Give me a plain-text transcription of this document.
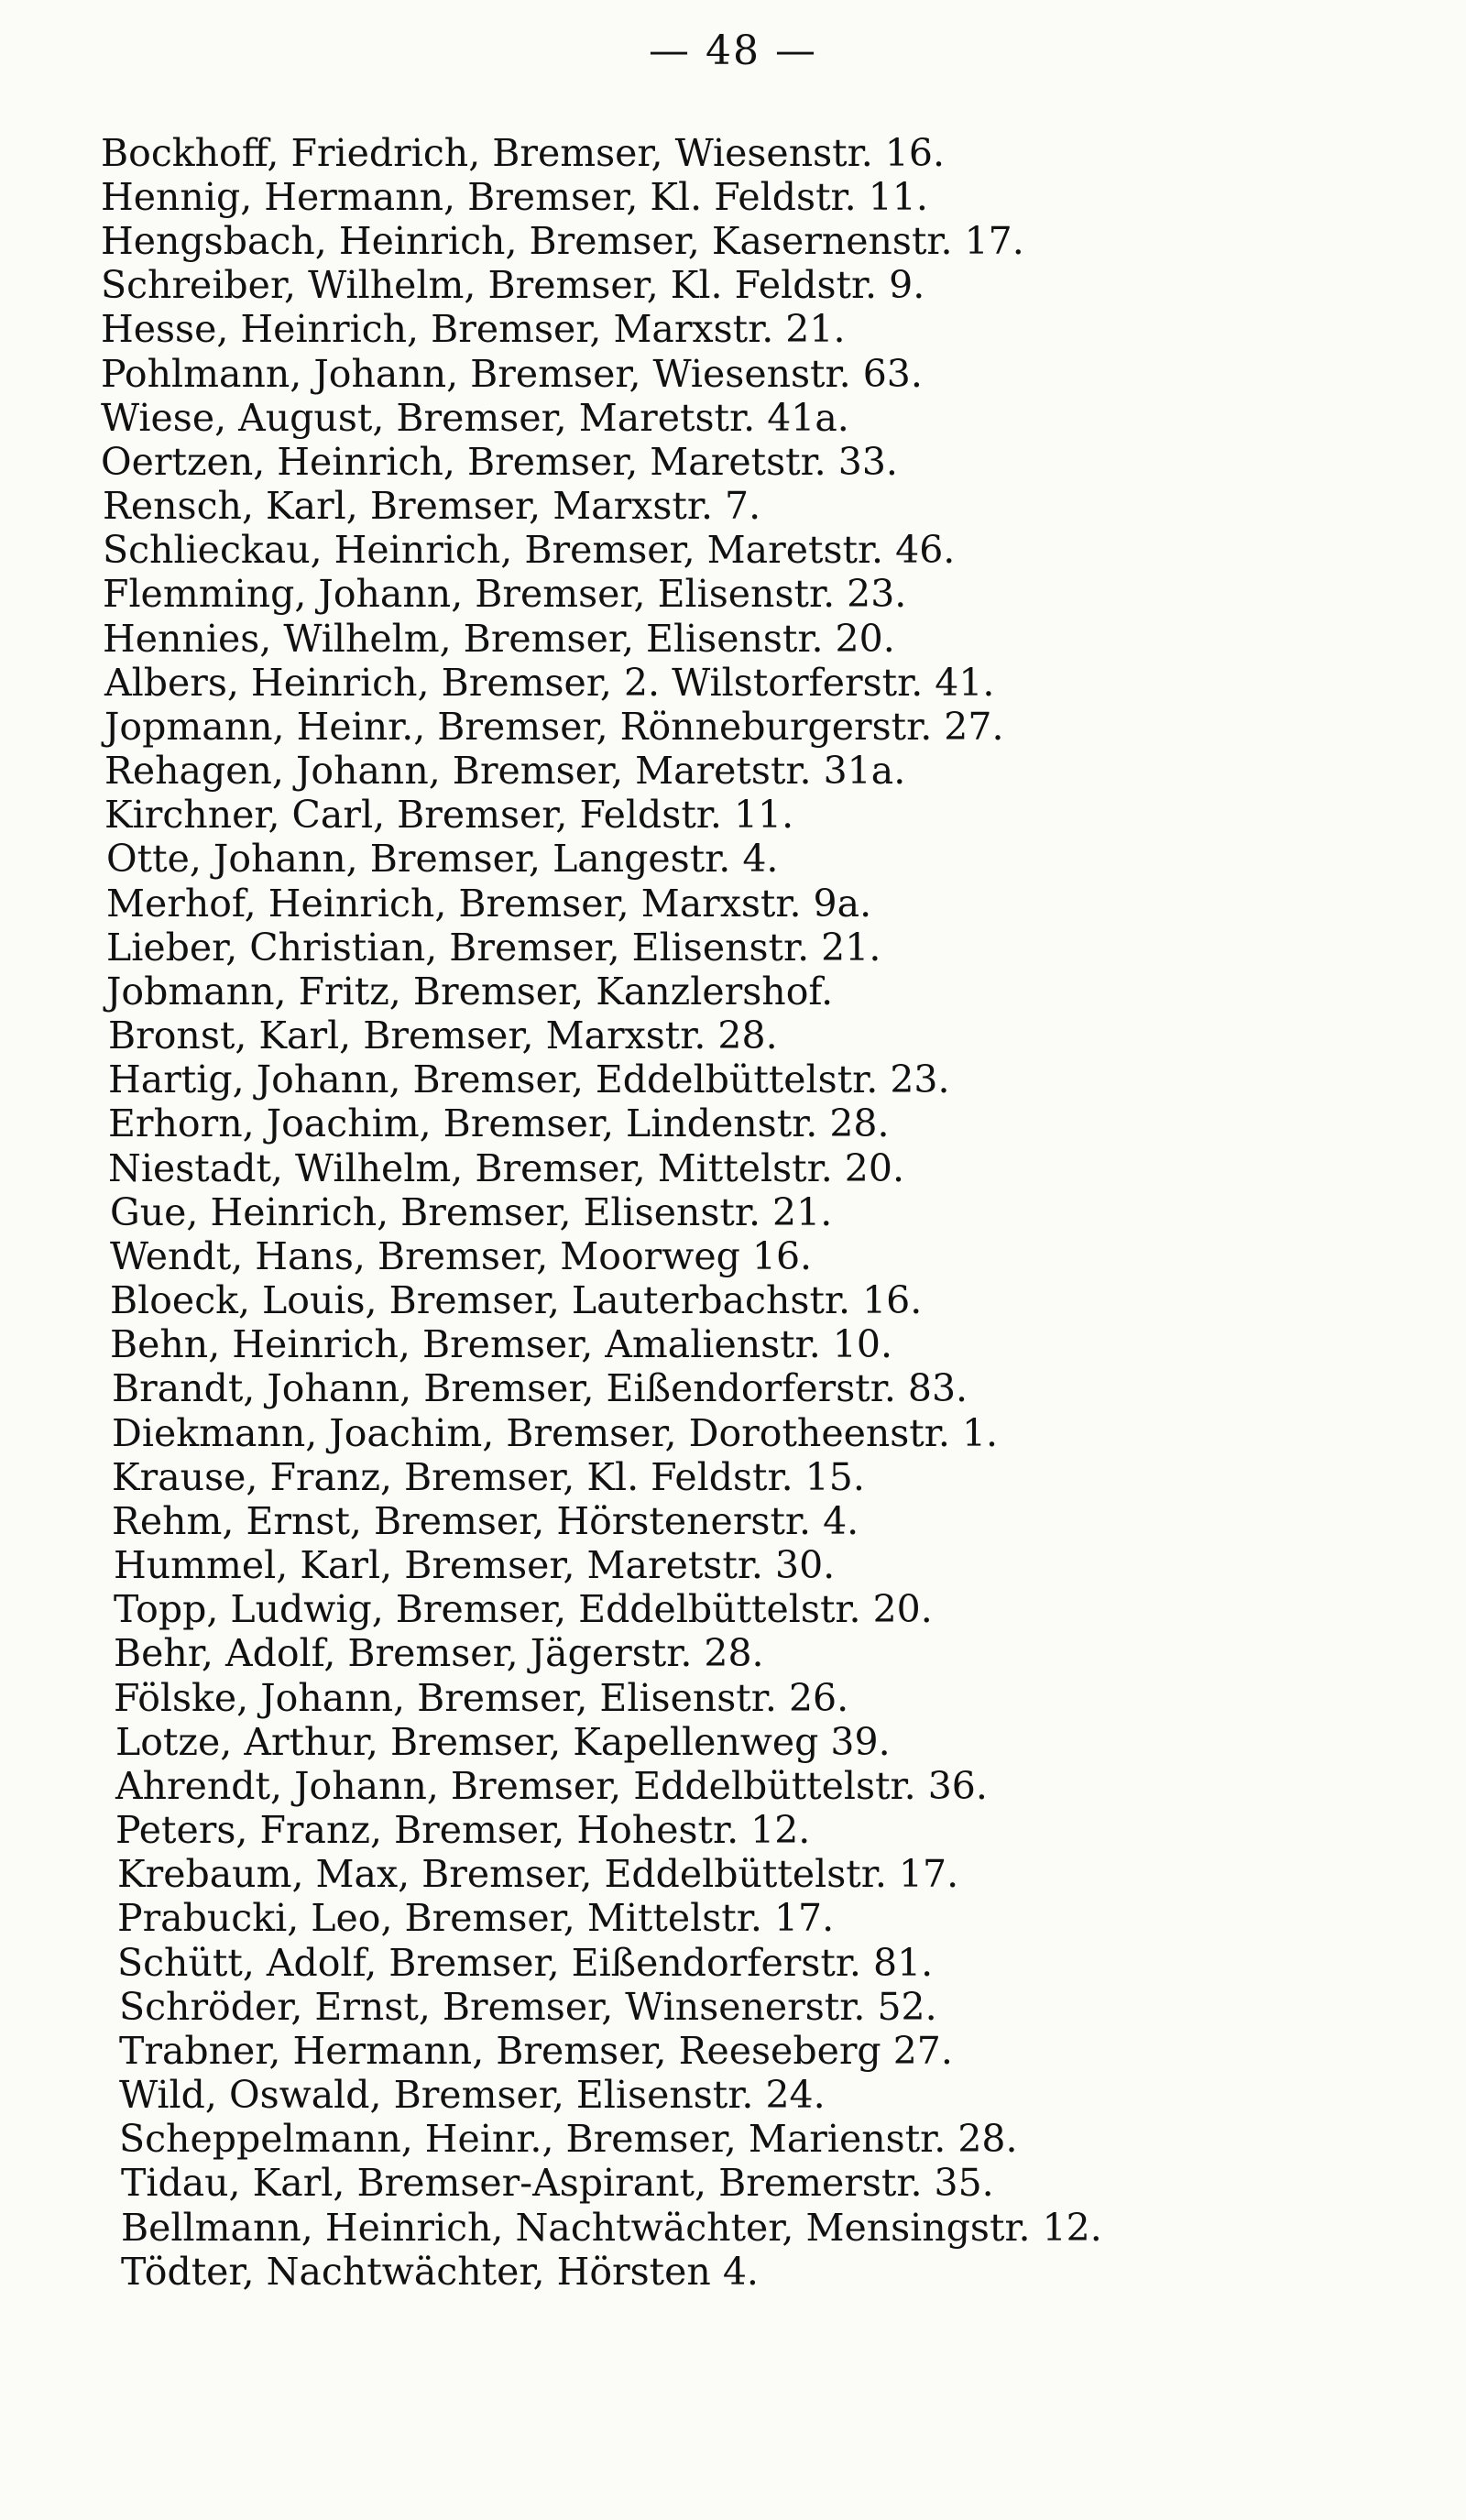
— 48 —
Bockhoff, Friedrich, Bremser, Wiesenstr. 16.
Hennig, Hermann, Bremser, Kl. Feldstr. 11.
Hengsbach, Heinrich, Bremser, Kasernenstr. 17.
Schreiber, Wilhelm, Bremser, Kl. Feldstr. 9.
Hesse, Heinrich, Bremser, Marxstr. 21.
Pohlmann, Johann, Bremser, Wiesenstr. 63.
Wiese, August, Bremser, Maretstr. 41a.
Oertzen, Heinrich, Bremser, Maretstr. 33.
Rensch, Karl, Bremser, Marxstr. 7.
Schlieckau, Heinrich, Bremser, Maretstr. 46.
Flemming, Johann, Bremser, Elisenstr. 23.
Hennies, Wilhelm, Bremser, Elisenstr. 20.
Albers, Heinrich, Bremser, 2. Wilstorferstr. 41.
Jopmann, Heinr., Bremser, Rönneburgerstr. 27.
Rehagen, Johann, Bremser, Maretstr. 31a.
Kirchner, Carl, Bremser, Feldstr. 11.
Otte, Johann, Bremser, Langestr. 4.
Merhof, Heinrich, Bremser, Marxstr. 9a.
Lieber, Christian, Bremser, Elisenstr. 21.
Jobmann, Fritz, Bremser, Kanzlershof.
Bronst, Karl, Bremser, Marxstr. 28.
Hartig, Johann, Bremser, Eddelbüttelstr. 23.
Erhorn, Joachim, Bremser, Lindenstr. 28.
Niestadt, Wilhelm, Bremser, Mittelstr. 20.
Gue, Heinrich, Bremser, Elisenstr. 21.
Wendt, Hans, Bremser, Moorweg 16.
Bloeck, Louis, Bremser, Lauterbachstr. 16.
Behn, Heinrich, Bremser, Amalienstr. 10.
Brandt, Johann, Bremser, Eißendorferstr. 83.
Diekmann, Joachim, Bremser, Dorotheenstr. 1.
Krause, Franz, Bremser, Kl. Feldstr. 15.
Rehm, Ernst, Bremser, Hörstenerstr. 4.
Hummel, Karl, Bremser, Maretstr. 30.
Topp, Ludwig, Bremser, Eddelbüttelstr. 20.
Behr, Adolf, Bremser, Jägerstr. 28.
Fölske, Johann, Bremser, Elisenstr. 26.
Lotze, Arthur, Bremser, Kapellenweg 39.
Ahrendt, Johann, Bremser, Eddelbüttelstr. 36.
Peters, Franz, Bremser, Hohestr. 12.
Krebaum, Max, Bremser, Eddelbüttelstr. 17.
Prabucki, Leo, Bremser, Mittelstr. 17.
Schütt, Adolf, Bremser, Eißendorferstr. 81.
Schröder, Ernst, Bremser, Winsenerstr. 52.
Trabner, Hermann, Bremser, Reeseberg 27.
Wild, Oswald, Bremser, Elisenstr. 24.
Scheppelmann, Heinr., Bremser, Marienstr. 28.
Tidau, Karl, Bremser-Aspirant, Bremerstr. 35.
Bellmann, Heinrich, Nachtwächter, Mensingstr. 12.
Tödter, Nachtwächter, Hörsten 4.
